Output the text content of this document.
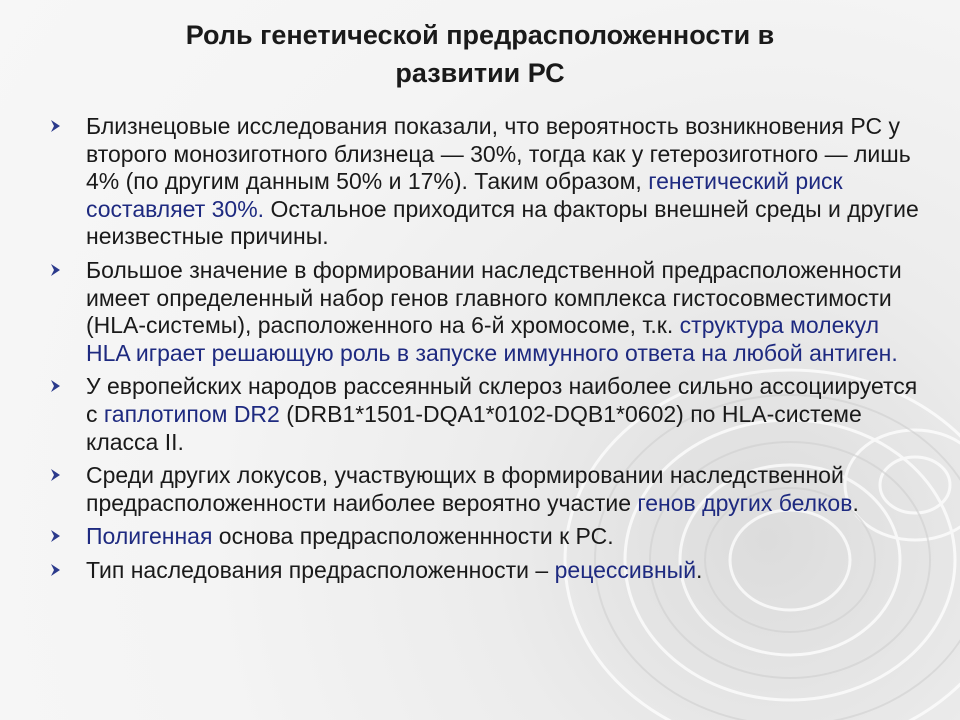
Роль генетической предрасположенности в
развитии РС
Близнецовые исследования показали, что вероятность возникновения РС у второго монозиготного близнеца — 30%, тогда как у гетерозиготного — лишь 4% (по другим данным 50% и 17%). Таким образом, генетический риск составляет 30%. Остальное приходится на факторы внешней среды и другие неизвестные причины.
Большое значение в формировании наследственной предрасположенности имеет определенный набор генов главного комплекса гистосовместимости (HLA-системы), расположенного на 6-й хромосоме, т.к. структура молекул HLA играет решающую роль в запуске иммунного ответа на любой антиген.
У европейских народов рассеянный склероз наиболее сильно ассоциируется с гаплотипом DR2 (DRB1*1501-DQA1*0102-DQB1*0602) по HLA-системе класса II.
Среди других локусов, участвующих в формировании наследственной предрасположенности наиболее вероятно участие генов других белков.
Полигенная основа предрасположеннности к РС.
Тип наследования предрасположенности – рецессивный.
